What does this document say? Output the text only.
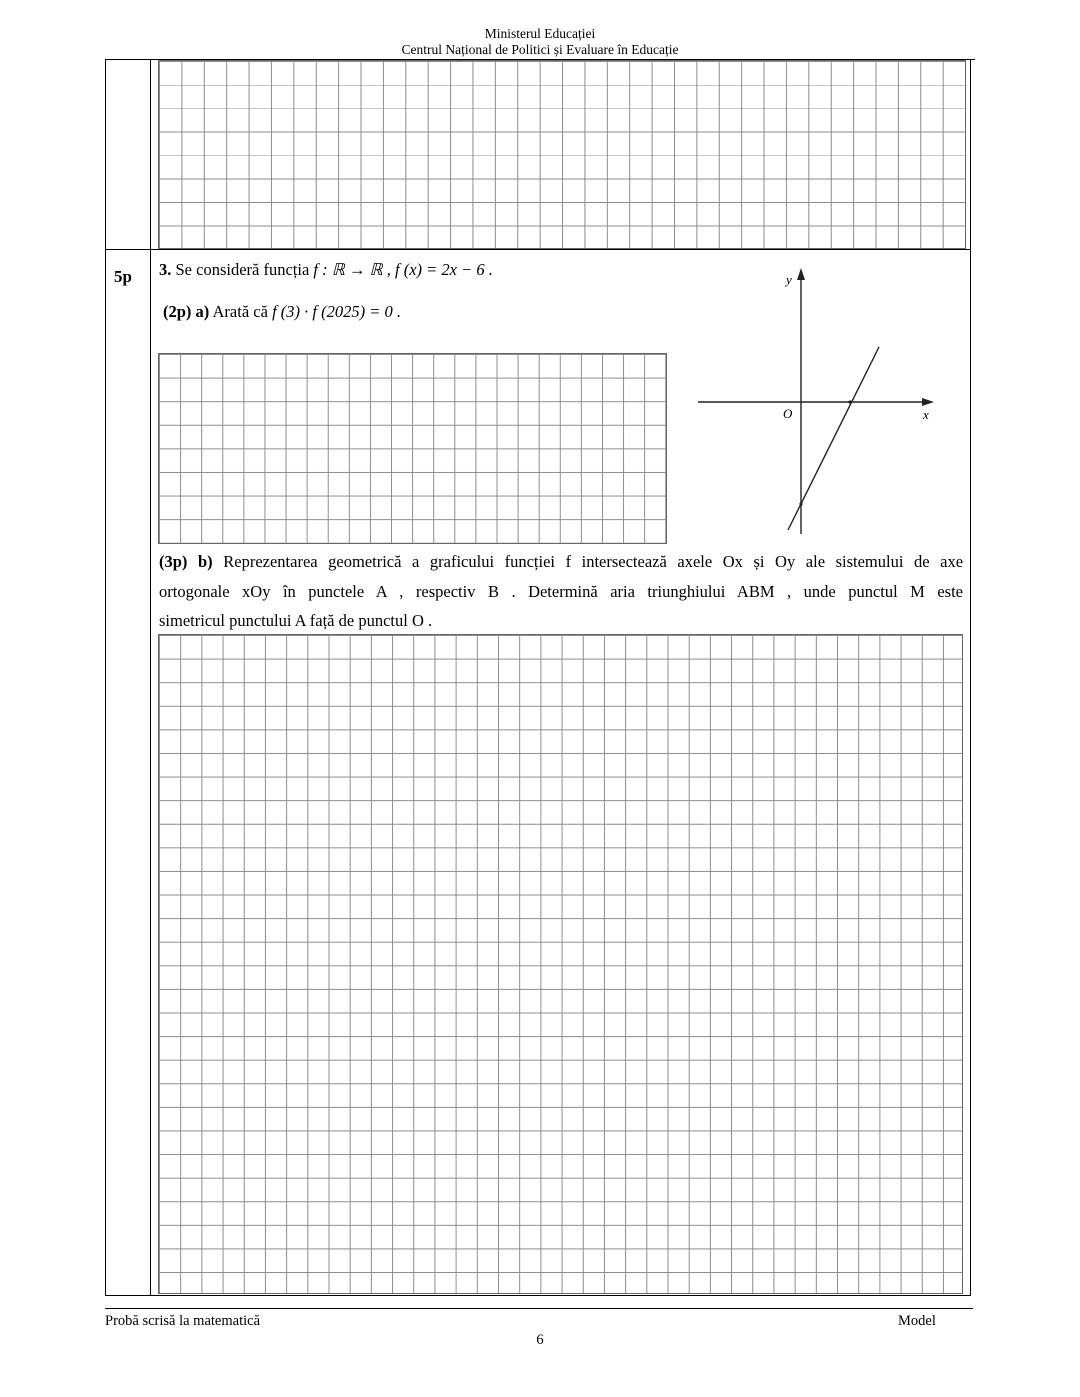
Ministerul Educației
Centrul Național de Politici și Evaluare în Educație
5p 3. Se consideră funcția f : ℝ → ℝ , f (x) = 2x − 6 .
(2p) a) Arată că f (3) · f (2025) = 0 .
y
x
O
(3p) b) Reprezentarea geometrică a graficului funcției f intersectează axele Ox și Oy ale sistemului de axe
ortogonale xOy în punctele A , respectiv B . Determină aria triunghiului ABM , unde punctul M este
simetricul punctului A față de punctul O .
Probă scrisă la matematică	Model
6
